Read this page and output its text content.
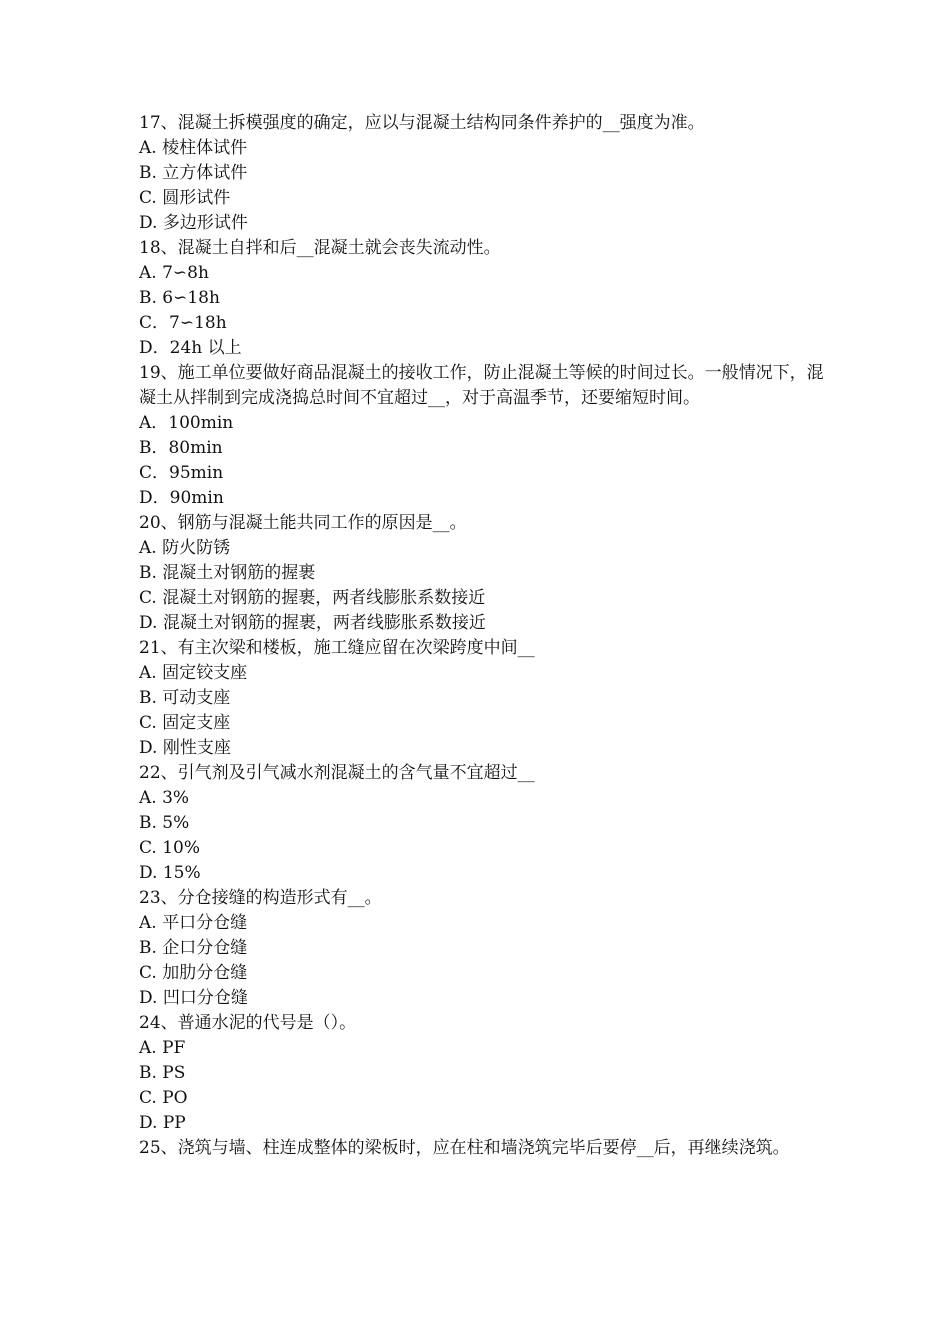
17、混凝土拆模强度的确定，应以与混凝土结构同条件养护的__强度为准。
A. 棱柱体试件
B. 立方体试件
C. 圆形试件
D. 多边形试件
18、混凝土自拌和后__混凝土就会丧失流动性。
A. 7∽8h
B. 6∽18h
C．7∽18h
D．24h 以上
19、施工单位要做好商品混凝土的接收工作，防止混凝土等候的时间过长。一般情况下，混凝土从拌制到完成浇捣总时间不宜超过__，对于高温季节，还要缩短时间。
A．100min
B．80min
C．95min
D．90min
20、钢筋与混凝土能共同工作的原因是__。
A. 防火防锈
B. 混凝土对钢筋的握裹
C. 混凝土对钢筋的握裹，两者线膨胀系数接近
D. 混凝土对钢筋的握裹，两者线膨胀系数接近
21、有主次梁和楼板，施工缝应留在次梁跨度中间__
A. 固定铰支座
B. 可动支座
C. 固定支座
D. 刚性支座
22、引气剂及引气减水剂混凝土的含气量不宜超过__
A. 3%
B. 5%
C. 10%
D. 15%
23、分仓接缝的构造形式有__。
A. 平口分仓缝
B. 企口分仓缝
C. 加肋分仓缝
D. 凹口分仓缝
24、普通水泥的代号是（）。
A. PF
B. PS
C. PO
D. PP
25、浇筑与墙、柱连成整体的梁板时，应在柱和墙浇筑完毕后要停__后，再继续浇筑。
